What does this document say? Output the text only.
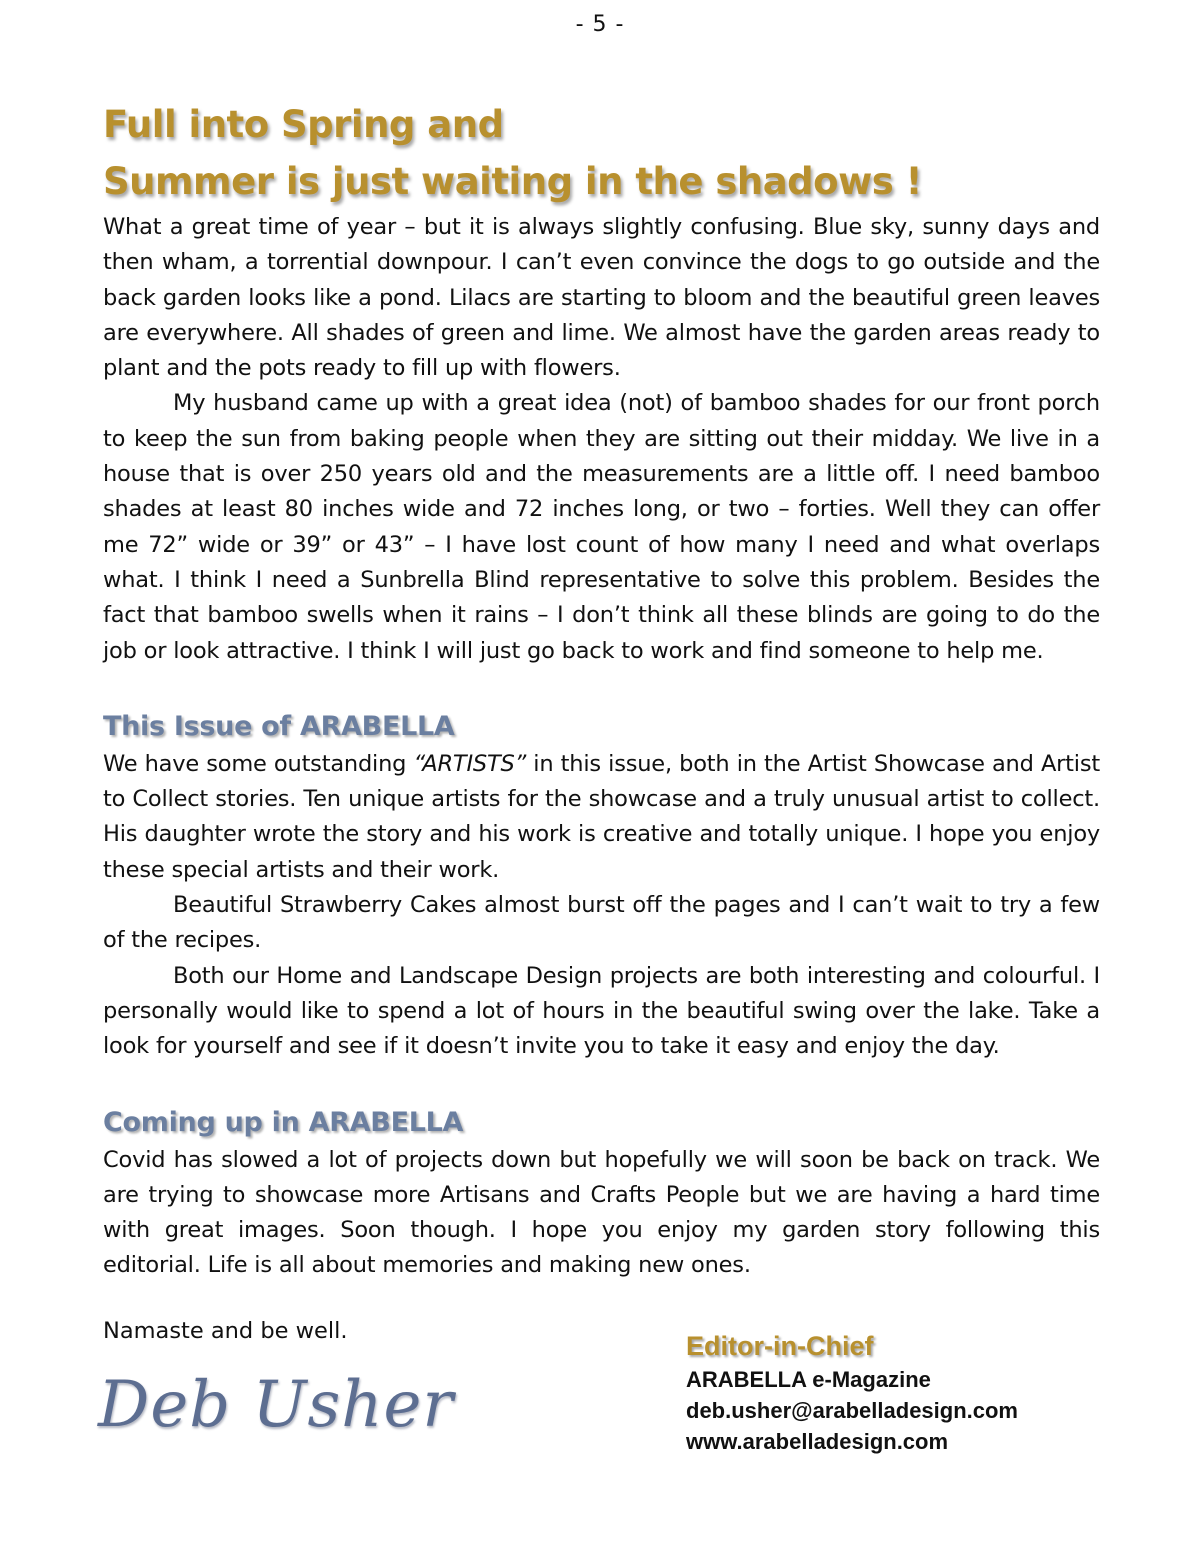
- 5 -
Full into Spring and
Summer is just waiting in the shadows !

What a great time of year – but it is always slightly confusing. Blue sky, sunny days and then wham, a torrential downpour. I can’t even convince the dogs to go outside and the back garden looks like a pond. Lilacs are starting to bloom and the beautiful green leaves are everywhere. All shades of green and lime. We almost have the garden areas ready to plant and the pots ready to fill up with flowers.

My husband came up with a great idea (not) of bamboo shades for our front porch to keep the sun from baking people when they are sitting out their midday. We live in a house that is over 250 years old and the measurements are a little off. I need bamboo shades at least 80 inches wide and 72 inches long, or two – forties. Well they can offer me 72” wide or 39” or 43” – I have lost count of how many I need and what overlaps what. I think I need a Sunbrella Blind representative to solve this problem. Besides the fact that bamboo swells when it rains – I don’t think all these blinds are going to do the job or look attractive. I think I will just go back to work and find someone to help me.

This Issue of ARABELLA

We have some outstanding “ARTISTS” in this issue, both in the Artist Showcase and Artist to Collect stories. Ten unique artists for the showcase and a truly unusual artist to collect. His daughter wrote the story and his work is creative and totally unique. I hope you enjoy these special artists and their work.

Beautiful Strawberry Cakes almost burst off the pages and I can’t wait to try a few of the recipes.

Both our Home and Landscape Design projects are both interesting and colourful. I personally would like to spend a lot of hours in the beautiful swing over the lake. Take a look for yourself and see if it doesn’t invite you to take it easy and enjoy the day.

Coming up in ARABELLA

Covid has slowed a lot of projects down but hopefully we will soon be back on track. We are trying to showcase more Artisans and Crafts People but we are having a hard time with great images. Soon though. I hope you enjoy my garden story following this editorial. Life is all about memories and making new ones.

Namaste and be well.
Deb Usher
Editor-in-Chief
ARABELLA e-Magazine
deb.usher@arabelladesign.com
www.arabelladesign.com
